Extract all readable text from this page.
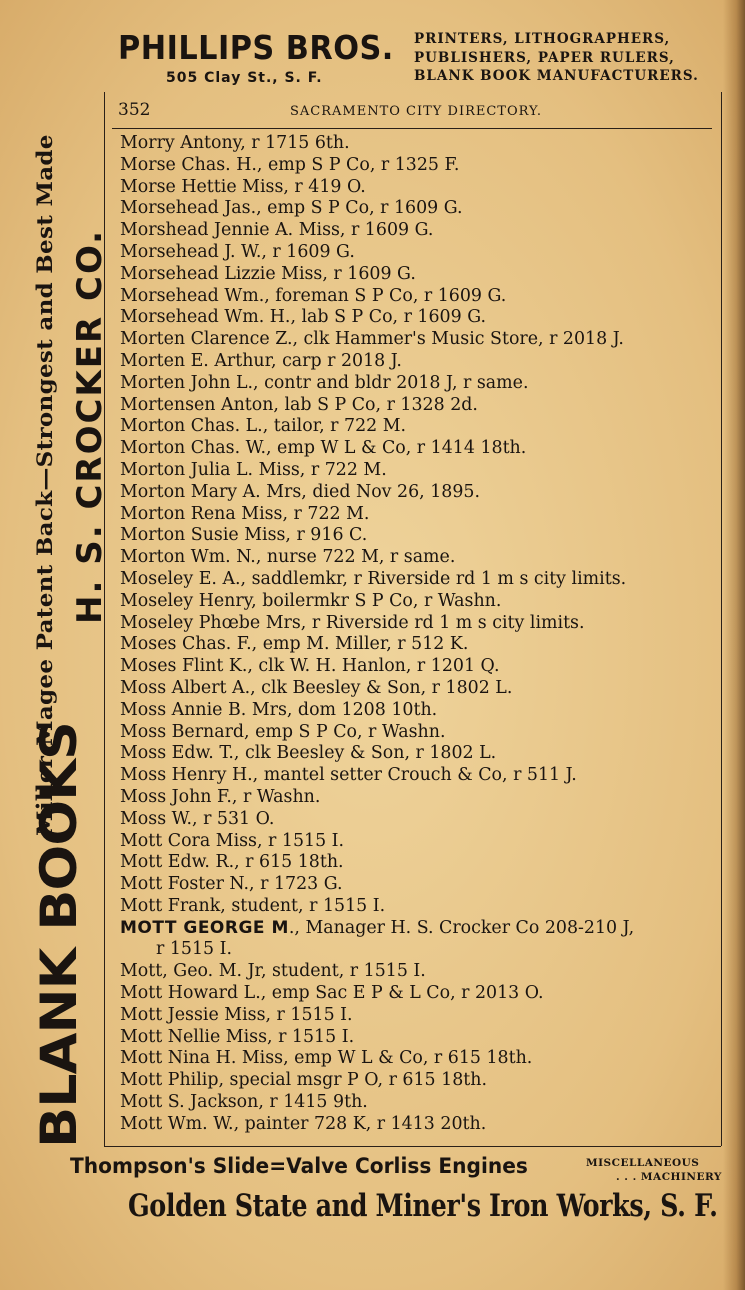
PHILLIPS BROS.
505 Clay St., S. F.
PRINTERS, LITHOGRAPHERS,
PUBLISHERS, PAPER RULERS,
BLANK BOOK MANUFACTURERS.
BLANK BOOKS
Miller-Magee Patent Back—Strongest and Best Made H. S. CROCKER CO.
352	SACRAMENTO CITY DIRECTORY.
Morry Antony, r 1715 6th.
Morse Chas. H., emp S P Co, r 1325 F.
Morse Hettie Miss, r 419 O.
Morsehead Jas., emp S P Co, r 1609 G.
Morshead Jennie A. Miss, r 1609 G.
Morsehead J. W., r 1609 G.
Morsehead Lizzie Miss, r 1609 G.
Morsehead Wm., foreman S P Co, r 1609 G.
Morsehead Wm. H., lab S P Co, r 1609 G.
Morten Clarence Z., clk Hammer's Music Store, r 2018 J.
Morten E. Arthur, carp r 2018 J.
Morten John L., contr and bldr 2018 J, r same.
Mortensen Anton, lab S P Co, r 1328 2d.
Morton Chas. L., tailor, r 722 M.
Morton Chas. W., emp W L & Co, r 1414 18th.
Morton Julia L. Miss, r 722 M.
Morton Mary A. Mrs, died Nov 26, 1895.
Morton Rena Miss, r 722 M.
Morton Susie Miss, r 916 C.
Morton Wm. N., nurse 722 M, r same.
Moseley E. A., saddlemkr, r Riverside rd 1 m s city limits.
Moseley Henry, boilermkr S P Co, r Washn.
Moseley Phœbe Mrs, r Riverside rd 1 m s city limits.
Moses Chas. F., emp M. Miller, r 512 K.
Moses Flint K., clk W. H. Hanlon, r 1201 Q.
Moss Albert A., clk Beesley & Son, r 1802 L.
Moss Annie B. Mrs, dom 1208 10th.
Moss Bernard, emp S P Co, r Washn.
Moss Edw. T., clk Beesley & Son, r 1802 L.
Moss Henry H., mantel setter Crouch & Co, r 511 J.
Moss John F., r Washn.
Moss W., r 531 O.
Mott Cora Miss, r 1515 I.
Mott Edw. R., r 615 18th.
Mott Foster N., r 1723 G.
Mott Frank, student, r 1515 I.
MOTT GEORGE M., Manager H. S. Crocker Co 208-210 J,
r 1515 I.
Mott, Geo. M. Jr, student, r 1515 I.
Mott Howard L., emp Sac E P & L Co, r 2013 O.
Mott Jessie Miss, r 1515 I.
Mott Nellie Miss, r 1515 I.
Mott Nina H. Miss, emp W L & Co, r 615 18th.
Mott Philip, special msgr P O, r 615 18th.
Mott S. Jackson, r 1415 9th.
Mott Wm. W., painter 728 K, r 1413 20th.
Thompson's Slide=Valve Corliss Engines	MISCELLANEOUS
. . . MACHINERY
Golden State and Miner's Iron Works, S. F.
